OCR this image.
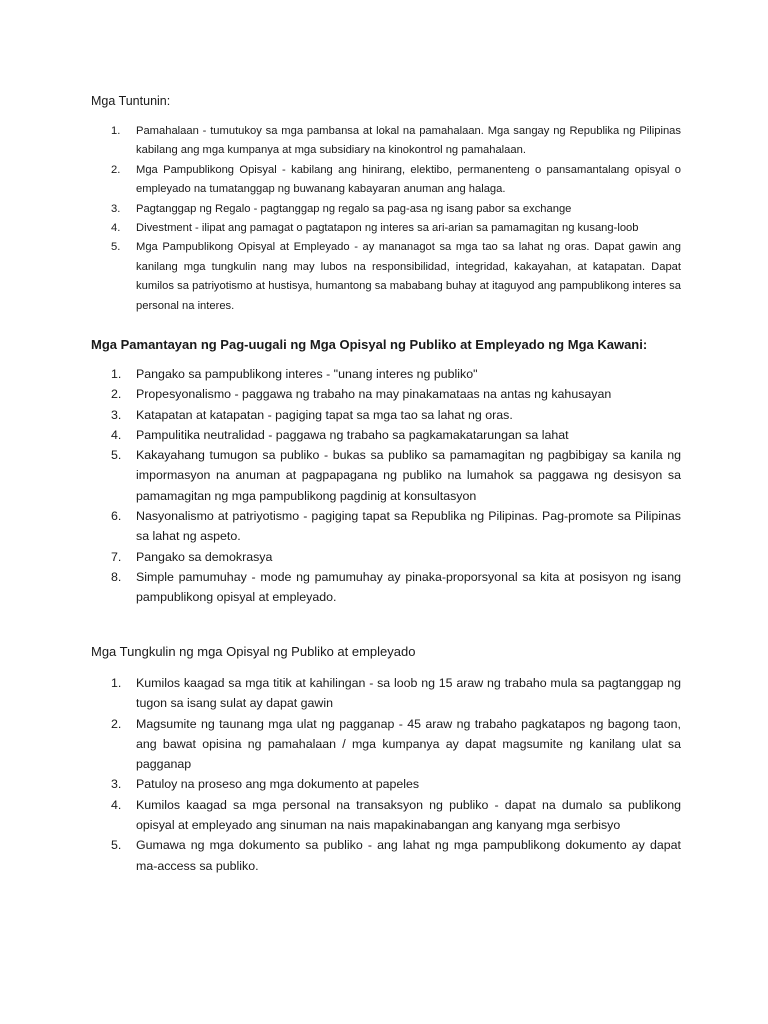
Mga Tuntunin:
1. Pamahalaan - tumutukoy sa mga pambansa at lokal na pamahalaan. Mga sangay ng Republika ng Pilipinas kabilang ang mga kumpanya at mga subsidiary na kinokontrol ng pamahalaan.
2. Mga Pampublikong Opisyal - kabilang ang hinirang, elektibo, permanenteng o pansamantalang opisyal o empleyado na tumatanggap ng buwanang kabayaran anuman ang halaga.
3. Pagtanggap ng Regalo - pagtanggap ng regalo sa pag-asa ng isang pabor sa exchange
4. Divestment - ilipat ang pamagat o pagtatapon ng interes sa ari-arian sa pamamagitan ng kusang-loob
5. Mga Pampublikong Opisyal at Empleyado - ay mananagot sa mga tao sa lahat ng oras. Dapat gawin ang kanilang mga tungkulin nang may lubos na responsibilidad, integridad, kakayahan, at katapatan. Dapat kumilos sa patriyotismo at hustisya, humantong sa mababang buhay at itaguyod ang pampublikong interes sa personal na interes.
Mga Pamantayan ng Pag-uugali ng Mga Opisyal ng Publiko at Empleyado ng Mga Kawani:
1. Pangako sa pampublikong interes - "unang interes ng publiko"
2. Propesyonalismo - paggawa ng trabaho na may pinakamataas na antas ng kahusayan
3. Katapatan at katapatan - pagiging tapat sa mga tao sa lahat ng oras.
4. Pampulitika neutralidad - paggawa ng trabaho sa pagkamakatarungan sa lahat
5. Kakayahang tumugon sa publiko - bukas sa publiko sa pamamagitan ng pagbibigay sa kanila ng impormasyon na anuman at pagpapagana ng publiko na lumahok sa paggawa ng desisyon sa pamamagitan ng mga pampublikong pagdinig at konsultasyon
6. Nasyonalismo at patriyotismo - pagiging tapat sa Republika ng Pilipinas. Pag-promote sa Pilipinas sa lahat ng aspeto.
7. Pangako sa demokrasya
8. Simple pamumuhay - mode ng pamumuhay ay pinaka-proporsyonal sa kita at posisyon ng isang pampublikong opisyal at empleyado.
Mga Tungkulin ng mga Opisyal ng Publiko at empleyado
1. Kumilos kaagad sa mga titik at kahilingan - sa loob ng 15 araw ng trabaho mula sa pagtanggap ng tugon sa isang sulat ay dapat gawin
2. Magsumite ng taunang mga ulat ng pagganap - 45 araw ng trabaho pagkatapos ng bagong taon, ang bawat opisina ng pamahalaan / mga kumpanya ay dapat magsumite ng kanilang ulat sa pagganap
3. Patuloy na proseso ang mga dokumento at papeles
4. Kumilos kaagad sa mga personal na transaksyon ng publiko - dapat na dumalo sa publikong opisyal at empleyado ang sinuman na nais mapakinabangan ang kanyang mga serbisyo
5. Gumawa ng mga dokumento sa publiko - ang lahat ng mga pampublikong dokumento ay dapat ma-access sa publiko.
